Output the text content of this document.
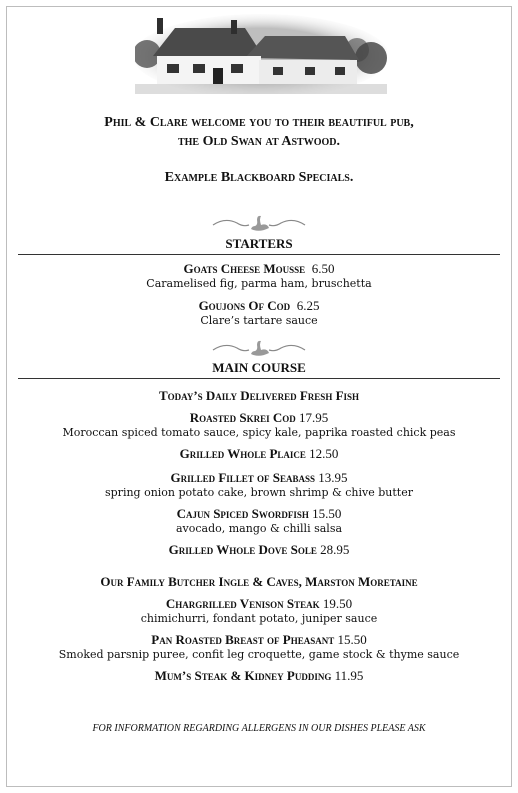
Phil & Clare welcome you to their beautiful pub,
the Old Swan at Astwood.
Example Blackboard Specials.
STARTERS
Goats Cheese Mousse 6.50
Caramelised fig, parma ham, bruschetta
Goujons Of Cod 6.25
Clare’s tartare sauce
MAIN COURSE
Today’s Daily Delivered Fresh Fish
Roasted Skrei Cod 17.95
Moroccan spiced tomato sauce, spicy kale, paprika roasted chick peas
Grilled Whole Plaice 12.50
Grilled Fillet of Seabass 13.95
spring onion potato cake, brown shrimp & chive butter
Cajun Spiced Swordfish 15.50
avocado, mango & chilli salsa
Grilled Whole Dove Sole 28.95
Our Family Butcher Ingle & Caves, Marston Moretaine
Chargrilled Venison Steak 19.50
chimichurri, fondant potato, juniper sauce
Pan Roasted Breast of Pheasant 15.50
Smoked parsnip puree, confit leg croquette, game stock & thyme sauce
Mum’s Steak & Kidney Pudding 11.95
FOR INFORMATION REGARDING ALLERGENS IN OUR DISHES PLEASE ASK
